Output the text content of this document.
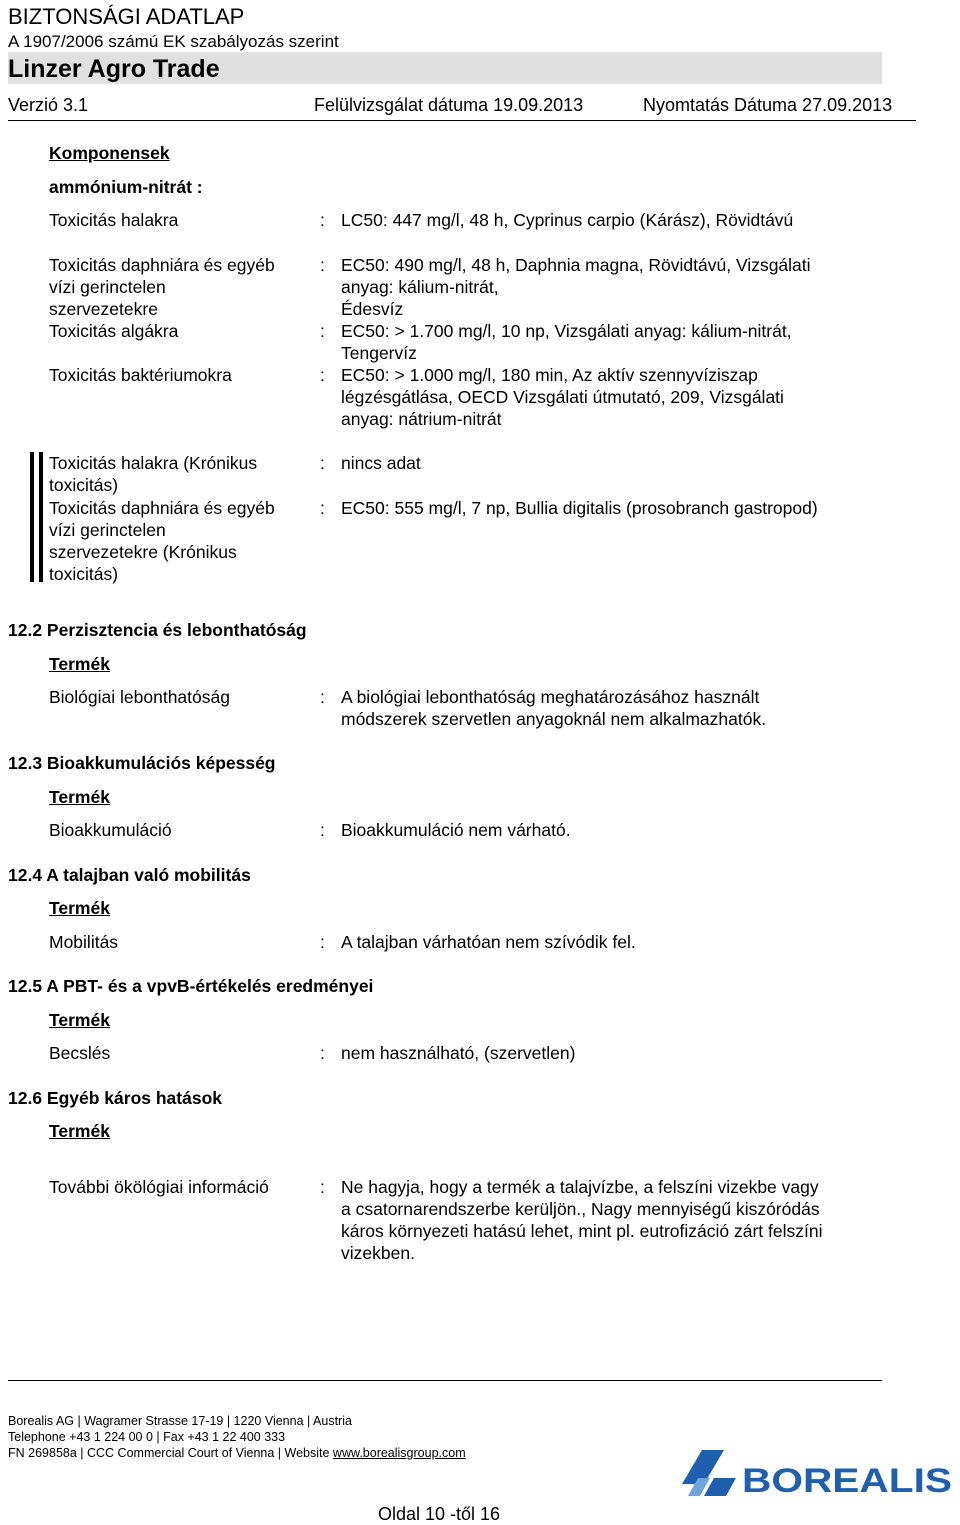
BIZTONSÁGI ADATLAP
A 1907/2006 számú EK szabályozás szerint
Linzer Agro Trade
Verzió 3.1	Felülvizsgálat dátuma 19.09.2013	Nyomtatás Dátuma 27.09.2013
Komponensek
ammónium-nitrát :
Toxicitás halakra	: LC50: 447 mg/l, 48 h, Cyprinus carpio (Kárász), Rövidtávú
Toxicitás daphniára és egyéb
vízi gerinctelen
szervezetekre
: EC50: 490 mg/l, 48 h, Daphnia magna, Rövidtávú, Vizsgálati
anyag: kálium-nitrát,
Édesvíz
Toxicitás algákra	: EC50: > 1.700 mg/l, 10 np, Vizsgálati anyag: kálium-nitrát,
Tengervíz
Toxicitás baktériumokra	: EC50: > 1.000 mg/l, 180 min, Az aktív szennyvíziszap
légzésgátlása, OECD Vizsgálati útmutató, 209, Vizsgálati
anyag: nátrium-nitrát
Toxicitás halakra (Krónikus
toxicitás)
: nincs adat
Toxicitás daphniára és egyéb
vízi gerinctelen
szervezetekre (Krónikus
toxicitás)
: EC50: 555 mg/l, 7 np, Bullia digitalis (prosobranch gastropod)
12.2 Perzisztencia és lebonthatóság
Termék
Biológiai lebonthatóság	: A biológiai lebonthatóság meghatározásához használt
módszerek szervetlen anyagoknál nem alkalmazhatók.
12.3 Bioakkumulációs képesség
Termék
Bioakkumuláció	: Bioakkumuláció nem várható.
12.4 A talajban való mobilitás
Termék
Mobilitás	: A talajban várhatóan nem szívódik fel.
12.5 A PBT- és a vpvB-értékelés eredményei
Termék
Becslés	: nem használható, (szervetlen)
12.6 Egyéb káros hatások
Termék
További ökölógiai információ	: Ne hagyja, hogy a termék a talajvízbe, a felszíni vizekbe vagy
a csatornarendszerbe kerüljön., Nagy mennyiségű kiszóródás
káros környezeti hatású lehet, mint pl. eutrofizáció zárt felszíni
vizekben.
Borealis AG | Wagramer Strasse 17-19 | 1220 Vienna | Austria
Telephone +43 1 224 00 0 | Fax +43 1 22 400 333
FN 269858a | CCC Commercial Court of Vienna | Website www.borealisgroup.com
BOREALIS
Oldal 10 -től 16
